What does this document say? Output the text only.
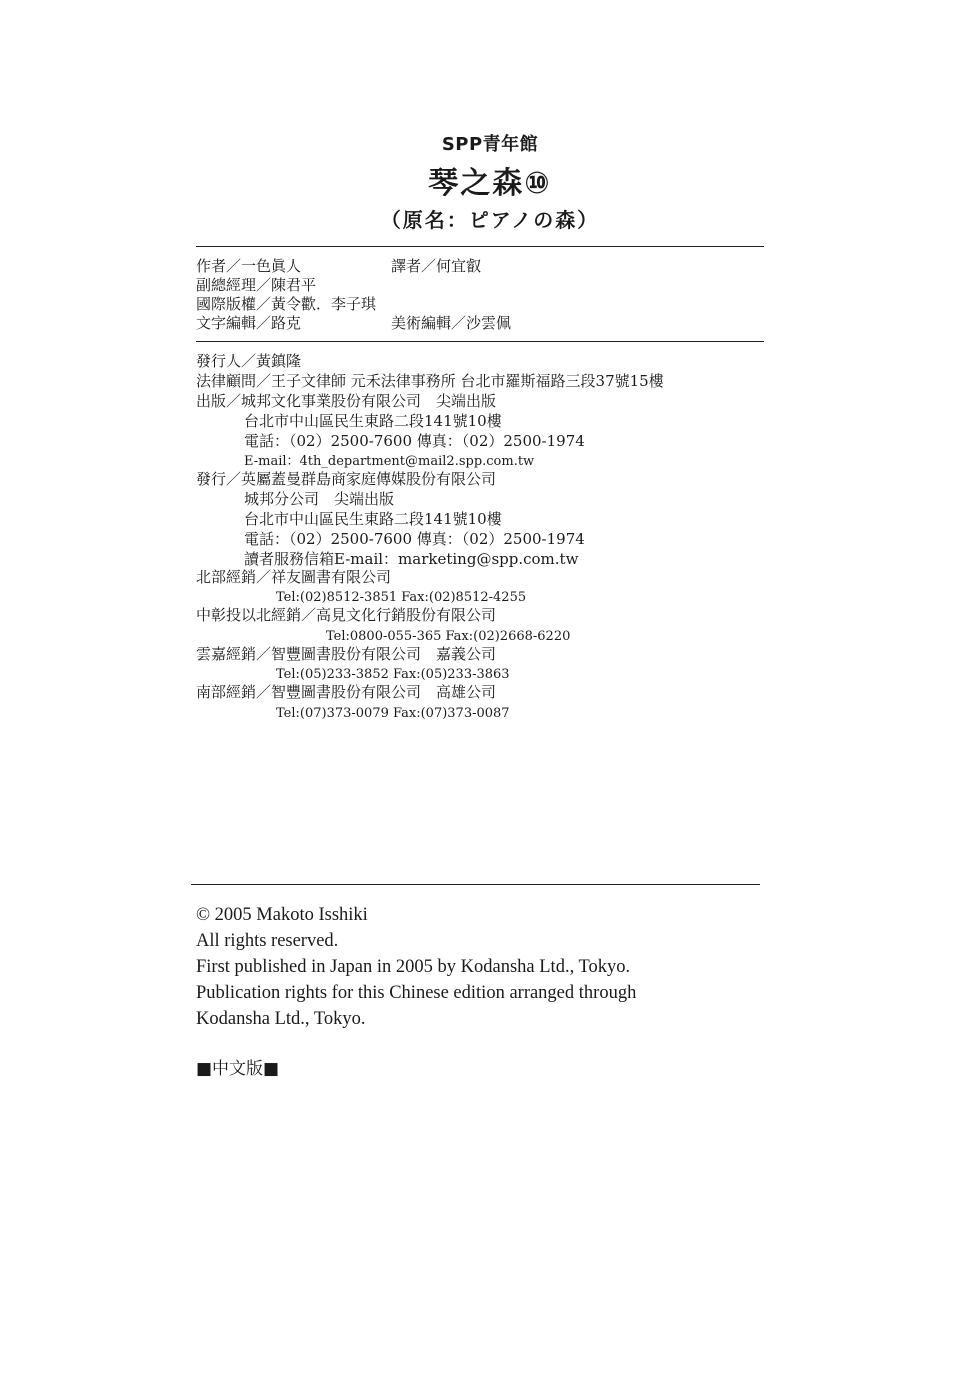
SPP青年館
琴之森⑩
（原名：ピアノの森）
作者／一色眞人	譯者／何宜叡
副總經理／陳君平
國際版權／黃令歡．李子琪
文字編輯／路克	美術編輯／沙雲佩
發行人／黃鎮隆
法律顧問／王子文律師 元禾法律事務所 台北市羅斯福路三段37號15樓
出版／城邦文化事業股份有限公司　尖端出版
台北市中山區民生東路二段141號10樓
電話：（02）2500-7600 傳真：（02）2500-1974
E-mail：4th_department@mail2.spp.com.tw
發行／英屬蓋曼群島商家庭傳媒股份有限公司
城邦分公司　尖端出版
台北市中山區民生東路二段141號10樓
電話：（02）2500-7600 傳真：（02）2500-1974
讀者服務信箱E-mail：marketing@spp.com.tw
北部經銷／祥友圖書有限公司
Tel:(02)8512-3851 Fax:(02)8512-4255
中彰投以北經銷／高見文化行銷股份有限公司
Tel:0800-055-365 Fax:(02)2668-6220
雲嘉經銷／智豐圖書股份有限公司　嘉義公司
Tel:(05)233-3852 Fax:(05)233-3863
南部經銷／智豐圖書股份有限公司　高雄公司
Tel:(07)373-0079 Fax:(07)373-0087
© 2005 Makoto Isshiki
All rights reserved.
First published in Japan in 2005 by Kodansha Ltd., Tokyo.
Publication rights for this Chinese edition arranged through
Kodansha Ltd., Tokyo.
■中文版■
